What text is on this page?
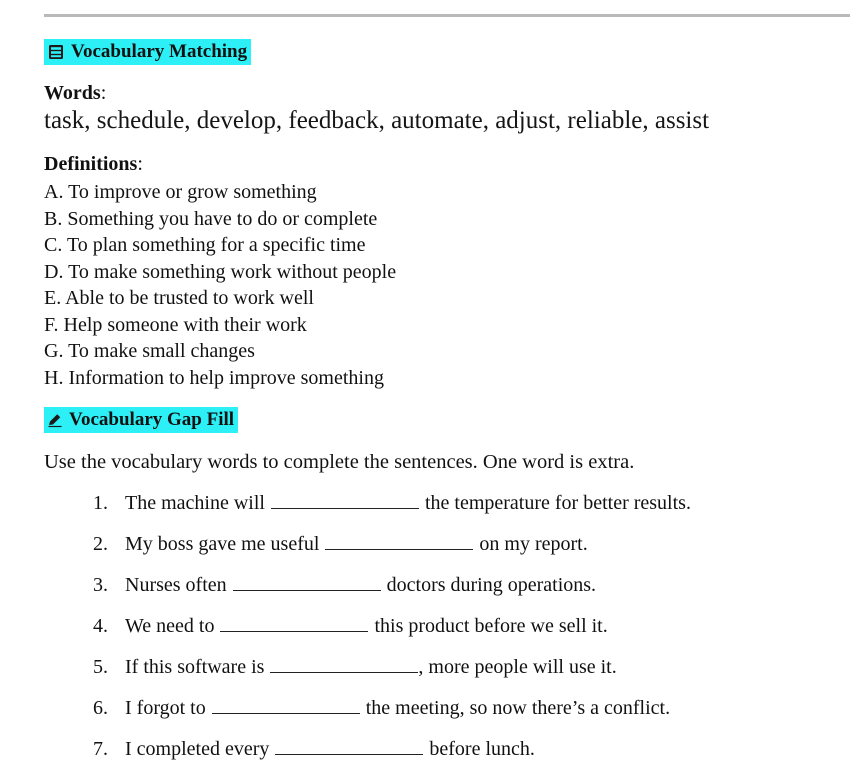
Vocabulary Matching
Words:
task, schedule, develop, feedback, automate, adjust, reliable, assist
Definitions:
A. To improve or grow something
B. Something you have to do or complete
C. To plan something for a specific time
D. To make something work without people
E. Able to be trusted to work well
F. Help someone with their work
G. To make small changes
H. Information to help improve something
Vocabulary Gap Fill
Use the vocabulary words to complete the sentences. One word is extra.
1. The machine will	the temperature for better results.
2. My boss gave me useful	on my report.
3. Nurses often	doctors during operations.
4. We need to	this product before we sell it.
5. If this software is	, more people will use it.
6. I forgot to	the meeting, so now there’s a conflict.
7. I completed every	before lunch.
